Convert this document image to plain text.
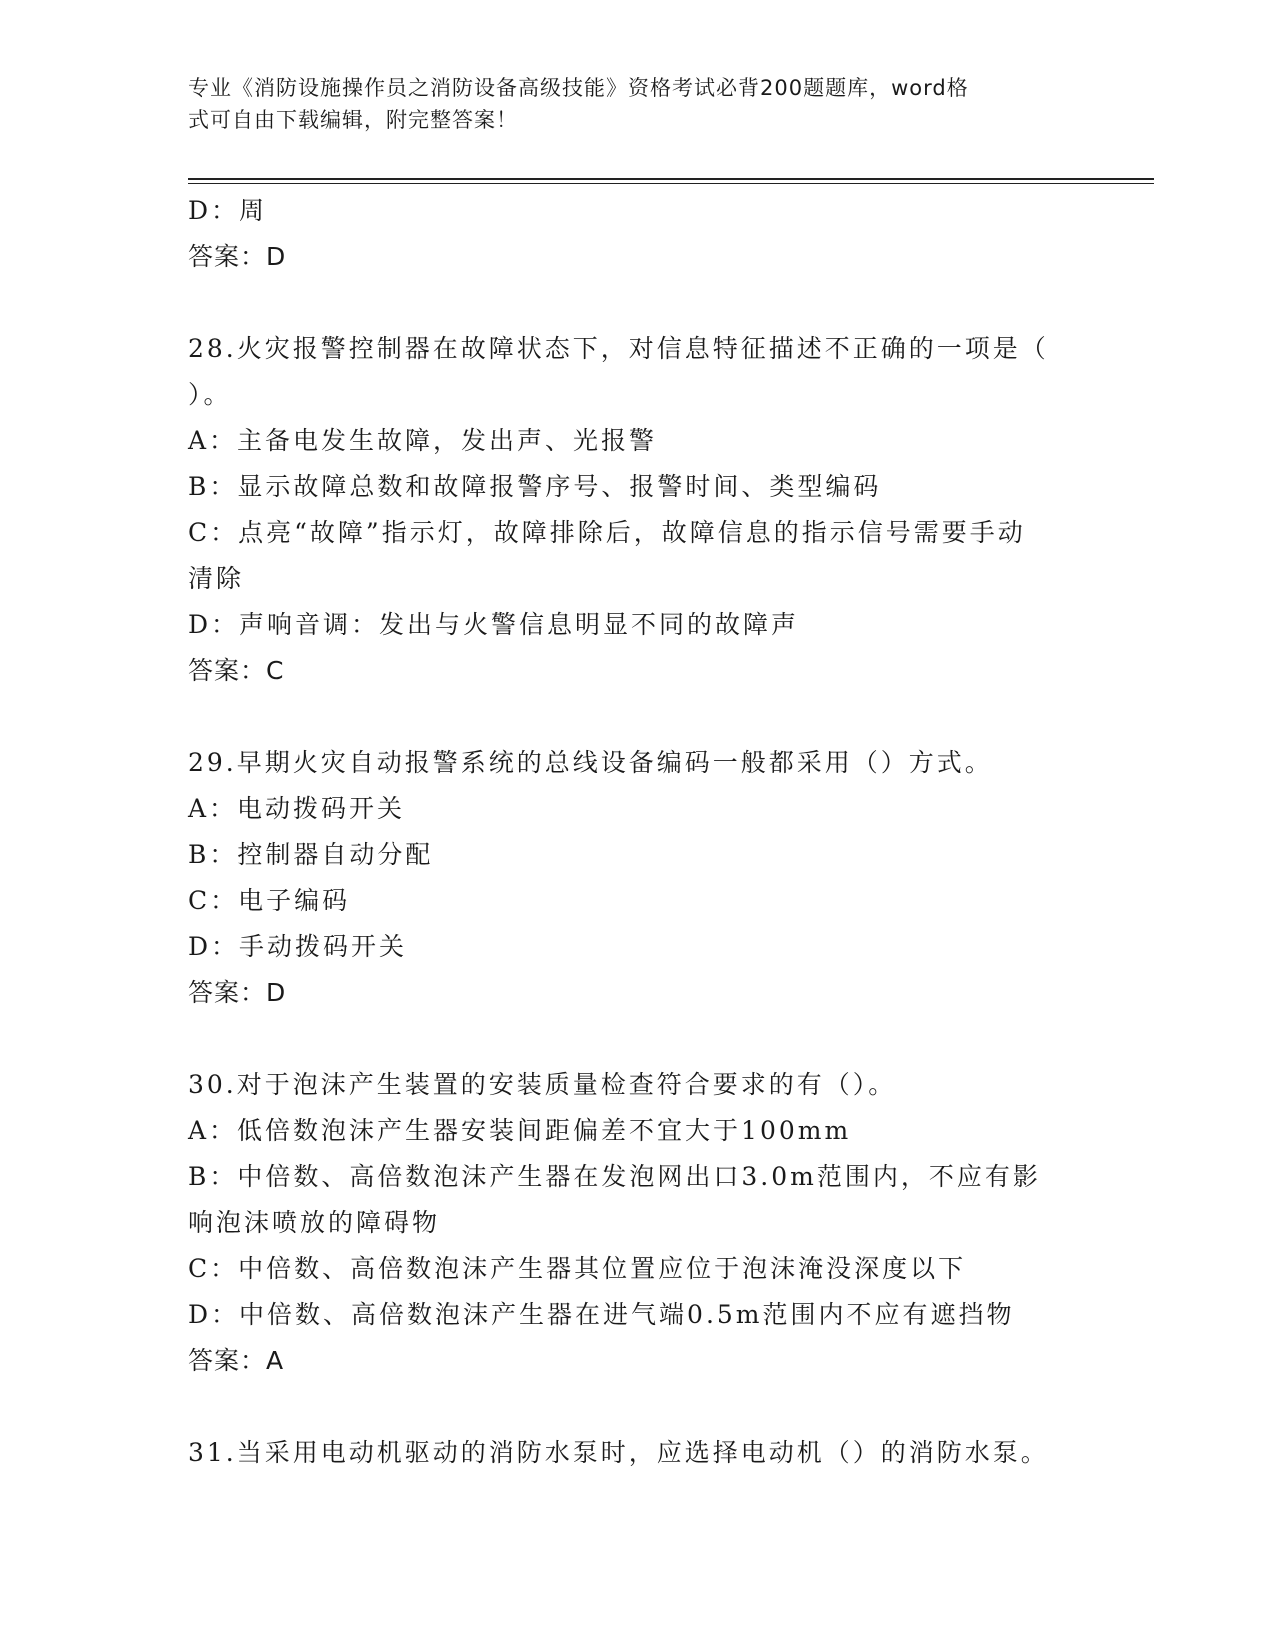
专业《消防设施操作员之消防设备高级技能》资格考试必背200题题库，word格
式可自由下载编辑，附完整答案！
D：周
答案：D
28.火灾报警控制器在故障状态下，对信息特征描述不正确的一项是（
）。
A：主备电发生故障，发出声、光报警
B：显示故障总数和故障报警序号、报警时间、类型编码
C：点亮“故障”指示灯，故障排除后，故障信息的指示信号需要手动
清除
D：声响音调：发出与火警信息明显不同的故障声
答案：C
29.早期火灾自动报警系统的总线设备编码一般都采用（）方式。
A：电动拨码开关
B：控制器自动分配
C：电子编码
D：手动拨码开关
答案：D
30.对于泡沫产生装置的安装质量检查符合要求的有（）。
A：低倍数泡沫产生器安装间距偏差不宜大于100mm
B：中倍数、高倍数泡沫产生器在发泡网出口3.0m范围内，不应有影
响泡沫喷放的障碍物
C：中倍数、高倍数泡沫产生器其位置应位于泡沫淹没深度以下
D：中倍数、高倍数泡沫产生器在进气端0.5m范围内不应有遮挡物
答案：A
31.当采用电动机驱动的消防水泵时，应选择电动机（）的消防水泵。
